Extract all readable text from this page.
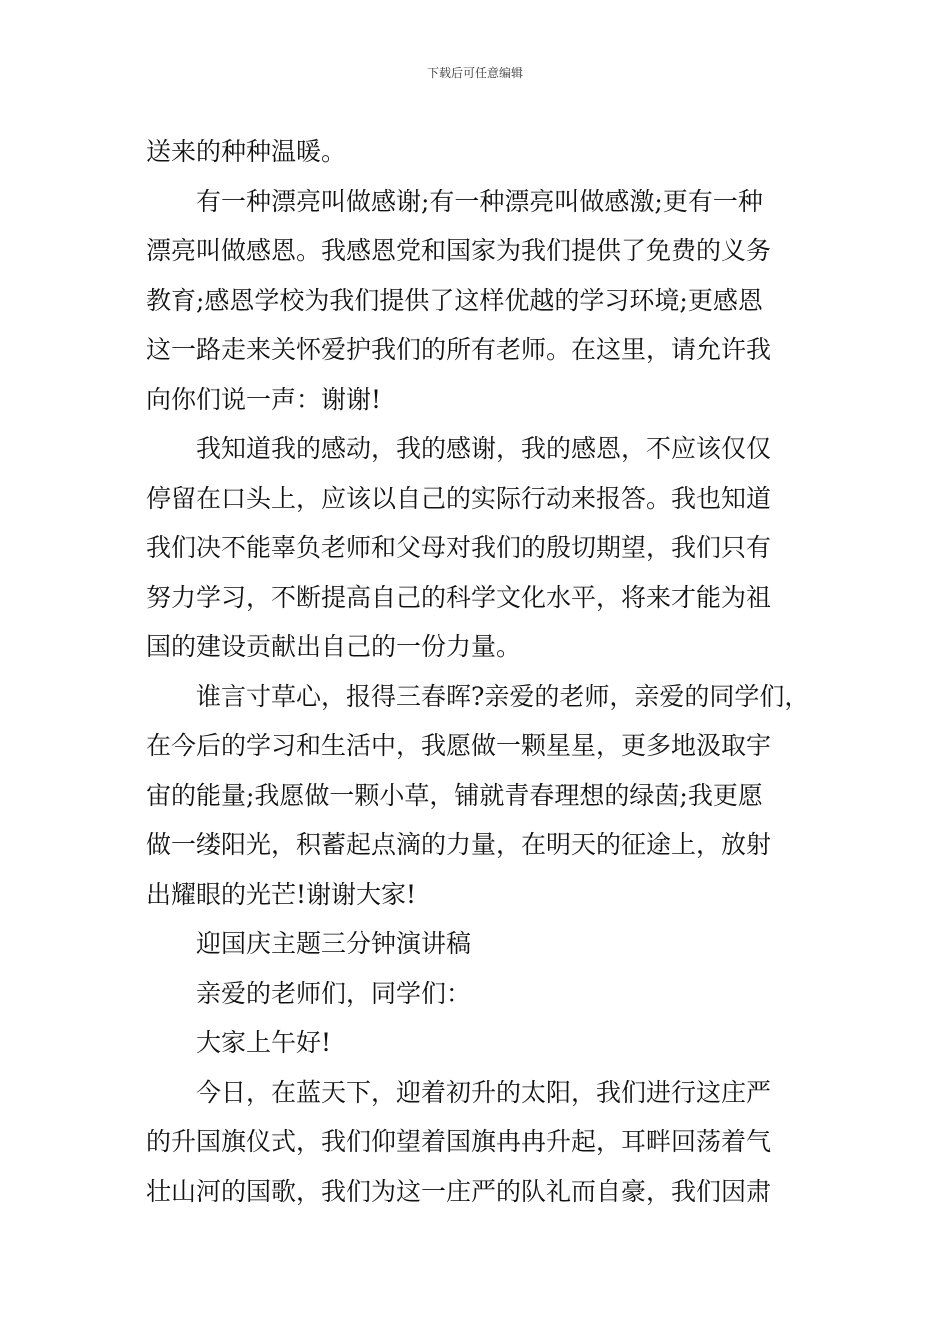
下载后可任意编辑
送来的种种温暖。
有一种漂亮叫做感谢;有一种漂亮叫做感激;更有一种
漂亮叫做感恩。我感恩党和国家为我们提供了免费的义务
教育;感恩学校为我们提供了这样优越的学习环境;更感恩
这一路走来关怀爱护我们的所有老师。在这里，请允许我
向你们说一声：谢谢!
我知道我的感动，我的感谢，我的感恩，不应该仅仅
停留在口头上，应该以自己的实际行动来报答。我也知道
我们决不能辜负老师和父母对我们的殷切期望，我们只有
努力学习，不断提高自己的科学文化水平，将来才能为祖
国的建设贡献出自己的一份力量。
谁言寸草心，报得三春晖?亲爱的老师，亲爱的同学们，
在今后的学习和生活中，我愿做一颗星星，更多地汲取宇
宙的能量;我愿做一颗小草，铺就青春理想的绿茵;我更愿
做一缕阳光，积蓄起点滴的力量，在明天的征途上，放射
出耀眼的光芒!谢谢大家!
迎国庆主题三分钟演讲稿
亲爱的老师们，同学们：
大家上午好!
今日，在蓝天下，迎着初升的太阳，我们进行这庄严
的升国旗仪式，我们仰望着国旗冉冉升起，耳畔回荡着气
壮山河的国歌，我们为这一庄严的队礼而自豪，我们因肃
